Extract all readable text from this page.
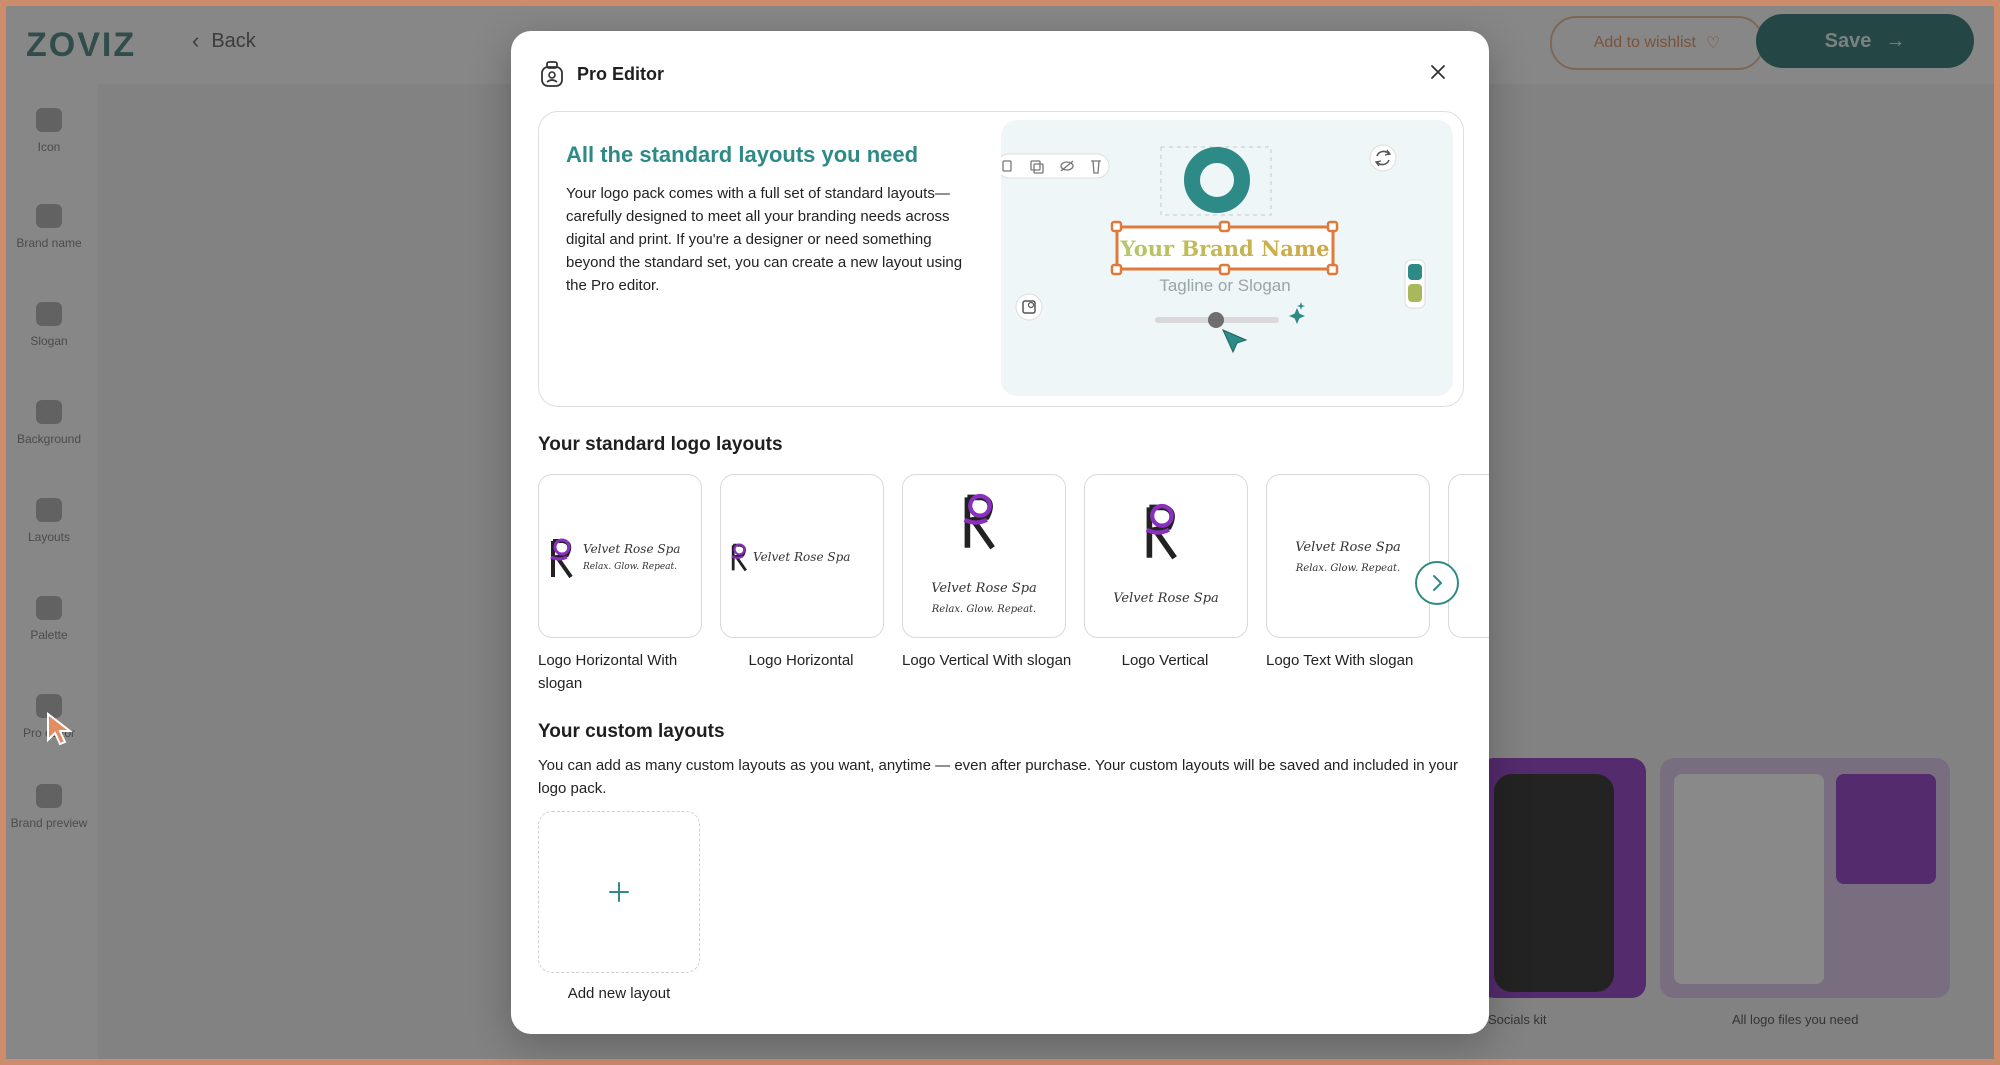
Pro Editor
All the standard layouts you need
Your logo pack comes with a full set of standard layouts—carefully designed to meet all your branding needs across digital and print. If you're a designer or need something beyond the standard set, you can create a new layout using the Pro editor.
Your Brand Name
Tagline or Slogan
Your standard logo layouts
Velvet Rose Spa
Relax. Glow. Repeat.
Logo Horizontal With slogan
Velvet Rose Spa
Logo Horizontal
Velvet Rose Spa
Relax. Glow. Repeat.
Logo Vertical With slogan
Velvet Rose Spa
Logo Vertical
Velvet Rose Spa
Relax. Glow. Repeat.
Logo Text With slogan
Your custom layouts
You can add as many custom layouts as you want, anytime — even after purchase. Your custom layouts will be saved and included in your logo pack.
Add new layout
